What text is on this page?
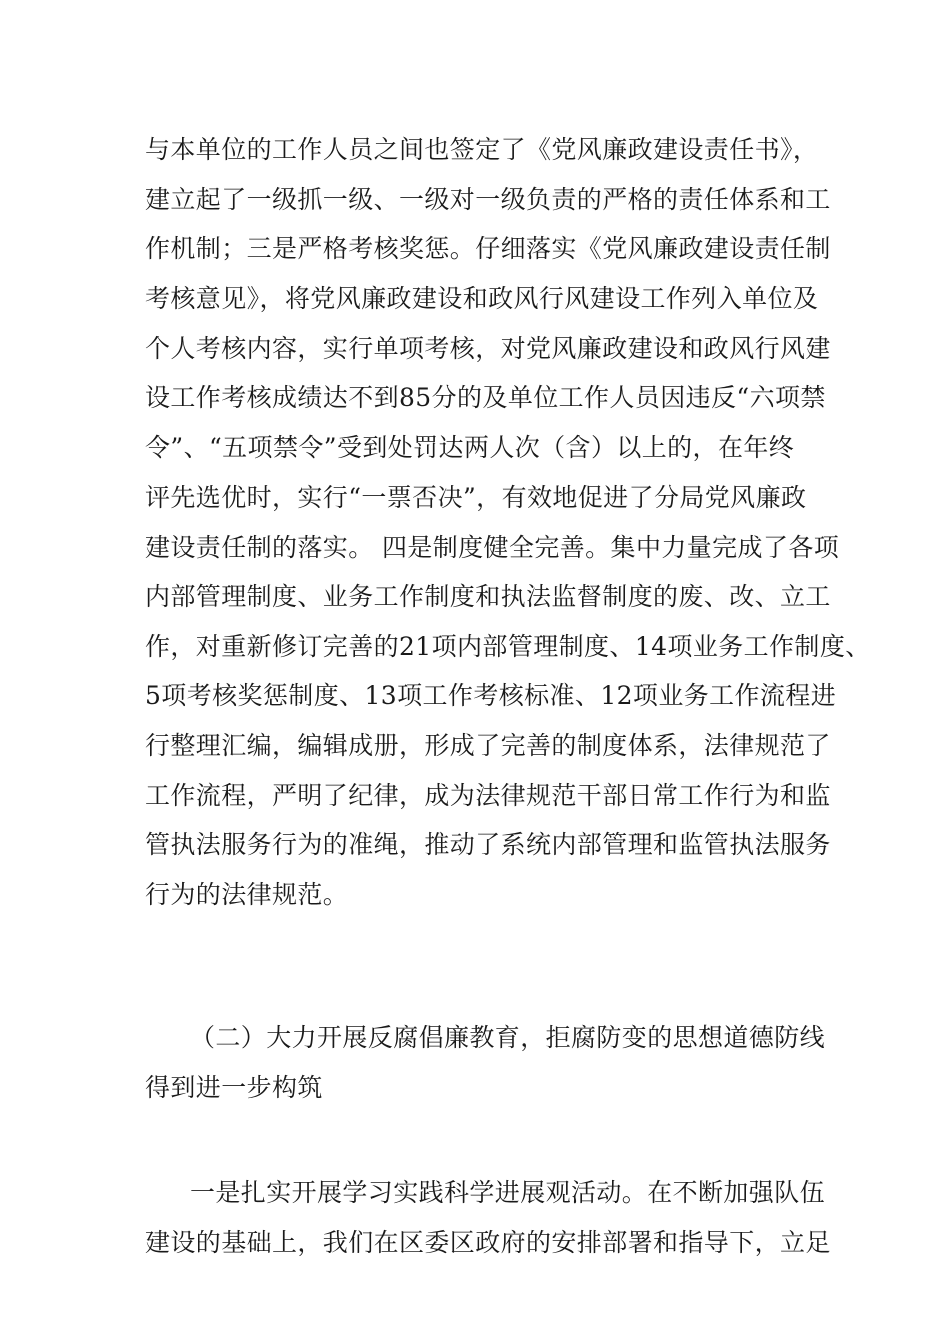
与本单位的工作人员之间也签定了《党风廉政建设责任书》，
建立起了一级抓一级、一级对一级负责的严格的责任体系和工
作机制；三是严格考核奖惩。仔细落实《党风廉政建设责任制
考核意见》，将党风廉政建设和政风行风建设工作列入单位及
个人考核内容，实行单项考核，对党风廉政建设和政风行风建
设工作考核成绩达不到85分的及单位工作人员因违反“六项禁
令”、“五项禁令”受到处罚达两人次（含）以上的，在年终
评先选优时，实行“一票否决”，有效地促进了分局党风廉政
建设责任制的落实。 四是制度健全完善。集中力量完成了各项
内部管理制度、业务工作制度和执法监督制度的废、改、立工
作，对重新修订完善的21项内部管理制度、14项业务工作制度、
5项考核奖惩制度、13项工作考核标准、12项业务工作流程进
行整理汇编，编辑成册，形成了完善的制度体系，法律规范了
工作流程，严明了纪律，成为法律规范干部日常工作行为和监
管执法服务行为的准绳，推动了系统内部管理和监管执法服务
行为的法律规范。
（二）大力开展反腐倡廉教育，拒腐防变的思想道德防线
得到进一步构筑
一是扎实开展学习实践科学进展观活动。在不断加强队伍
建设的基础上，我们在区委区政府的安排部署和指导下，立足
